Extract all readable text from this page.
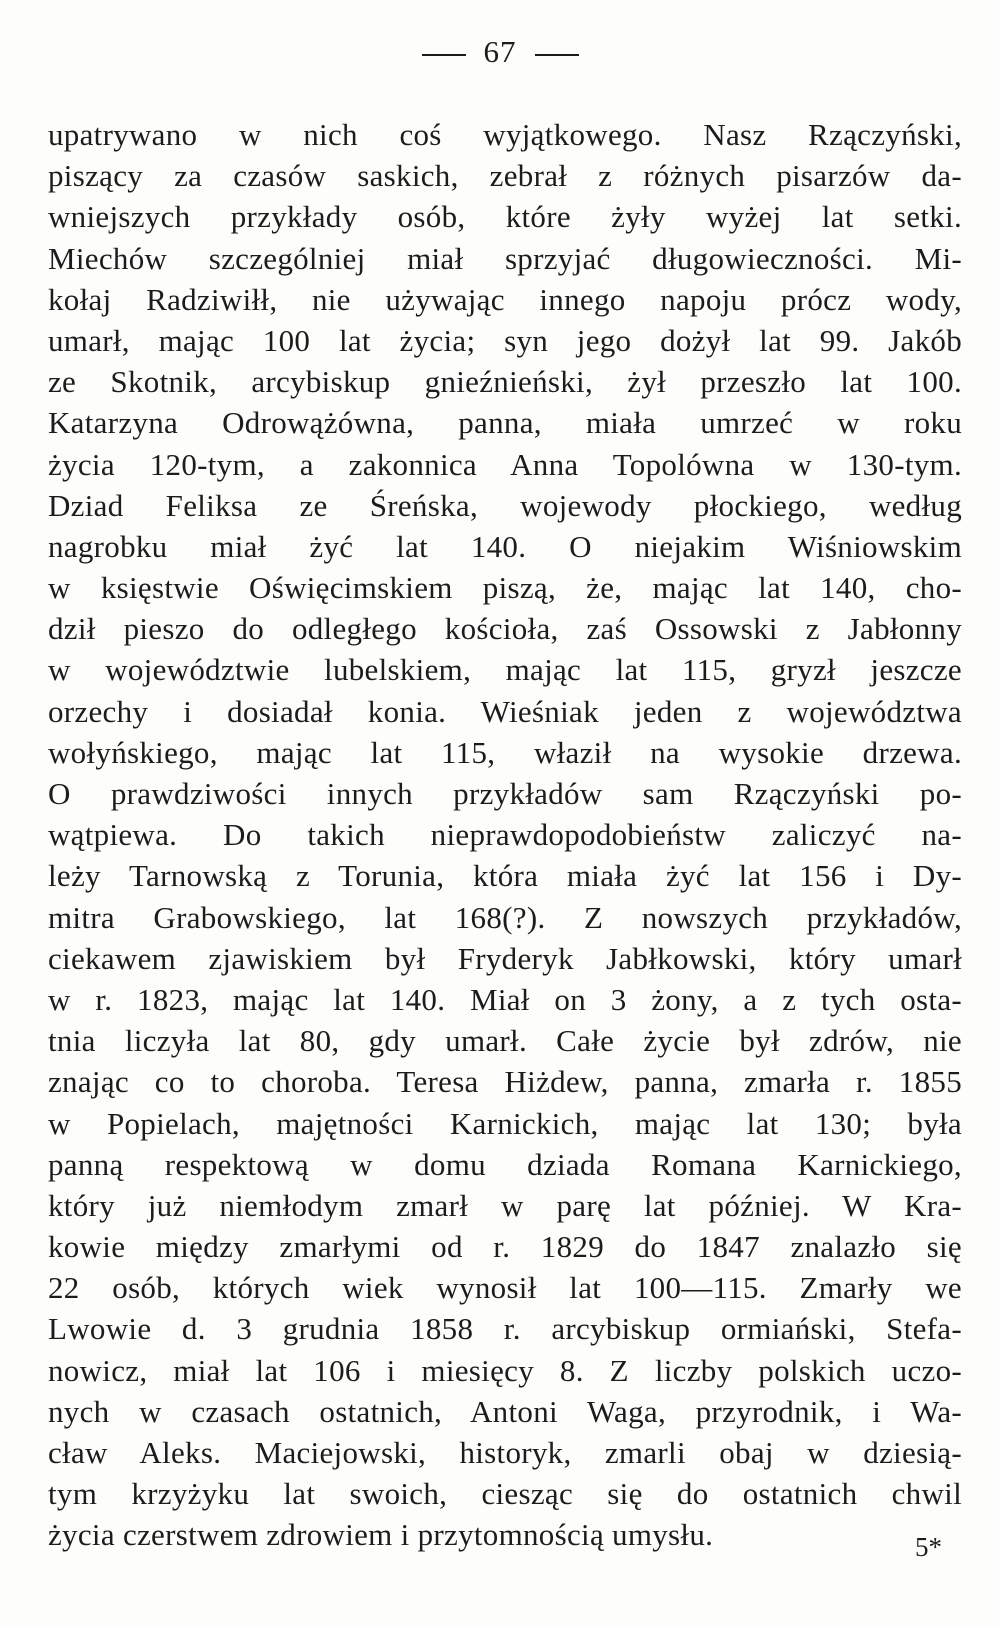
67
upatrywano w nich coś wyjątkowego. Nasz Rzączyński,
piszący za czasów saskich, zebrał z różnych pisarzów da-
wniejszych przykłady osób, które żyły wyżej lat setki.
Miechów szczególniej miał sprzyjać długowieczności. Mi-
kołaj Radziwiłł, nie używając innego napoju prócz wody,
umarł, mając 100 lat życia; syn jego dożył lat 99. Jakób
ze Skotnik, arcybiskup gnieźnieński, żył przeszło lat 100.
Katarzyna Odrowążówna, panna, miała umrzeć w roku
życia 120-tym, a zakonnica Anna Topolówna w 130-tym.
Dziad Feliksa ze Śreńska, wojewody płockiego, według
nagrobku miał żyć lat 140. O niejakim Wiśniowskim
w księstwie Oświęcimskiem piszą, że, mając lat 140, cho-
dził pieszo do odległego kościoła, zaś Ossowski z Jabłonny
w województwie lubelskiem, mając lat 115, gryzł jeszcze
orzechy i dosiadał konia. Wieśniak jeden z województwa
wołyńskiego, mając lat 115, właził na wysokie drzewa.
O prawdziwości innych przykładów sam Rzączyński po-
wątpiewa. Do takich nieprawdopodobieństw zaliczyć na-
leży Tarnowską z Torunia, która miała żyć lat 156 i Dy-
mitra Grabowskiego, lat 168(?). Z nowszych przykładów,
ciekawem zjawiskiem był Fryderyk Jabłkowski, który umarł
w r. 1823, mając lat 140. Miał on 3 żony, a z tych osta-
tnia liczyła lat 80, gdy umarł. Całe życie był zdrów, nie
znając co to choroba. Teresa Hiżdew, panna, zmarła r. 1855
w Popielach, majętności Karnickich, mając lat 130; była
panną respektową w domu dziada Romana Karnickiego,
który już niemłodym zmarł w parę lat później. W Kra-
kowie między zmarłymi od r. 1829 do 1847 znalazło się
22 osób, których wiek wynosił lat 100—115. Zmarły we
Lwowie d. 3 grudnia 1858 r. arcybiskup ormiański, Stefa-
nowicz, miał lat 106 i miesięcy 8. Z liczby polskich uczo-
nych w czasach ostatnich, Antoni Waga, przyrodnik, i Wa-
cław Aleks. Maciejowski, historyk, zmarli obaj w dziesią-
tym krzyżyku lat swoich, ciesząc się do ostatnich chwil
życia czerstwem zdrowiem i przytomnością umysłu.	5*
